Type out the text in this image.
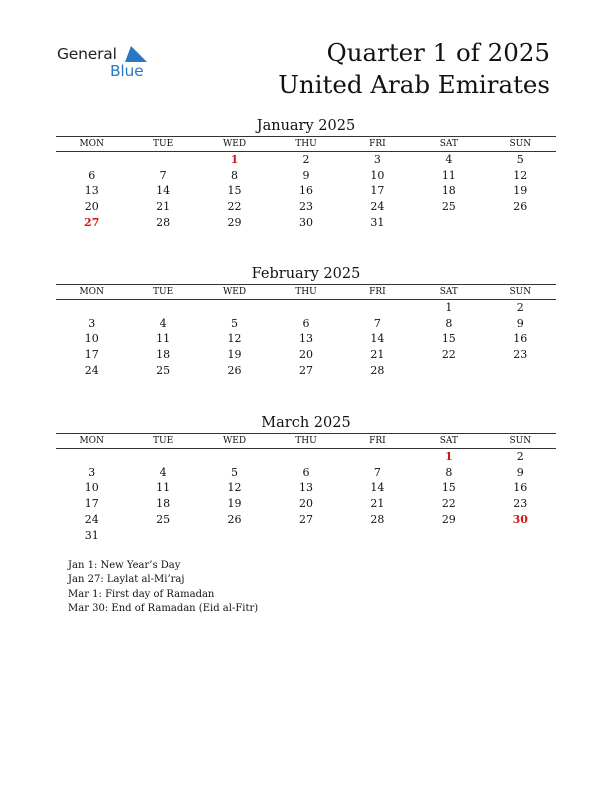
General
Blue
Quarter 1 of 2025
United Arab Emirates
January 2025
MON	TUE	WED	THU	FRI	SAT	SUN
		1	2	3	4	5
6	7	8	9	10	11	12
13	14	15	16	17	18	19
20	21	22	23	24	25	26
27	28	29	30	31		
February 2025
MON	TUE	WED	THU	FRI	SAT	SUN
					1	2
3	4	5	6	7	8	9
10	11	12	13	14	15	16
17	18	19	20	21	22	23
24	25	26	27	28		
March 2025
MON	TUE	WED	THU	FRI	SAT	SUN
					1	2
3	4	5	6	7	8	9
10	11	12	13	14	15	16
17	18	19	20	21	22	23
24	25	26	27	28	29	30
31						
Jan 1: New Year’s Day
Jan 27: Laylat al-Mi’raj
Mar 1: First day of Ramadan
Mar 30: End of Ramadan (Eid al-Fitr)
